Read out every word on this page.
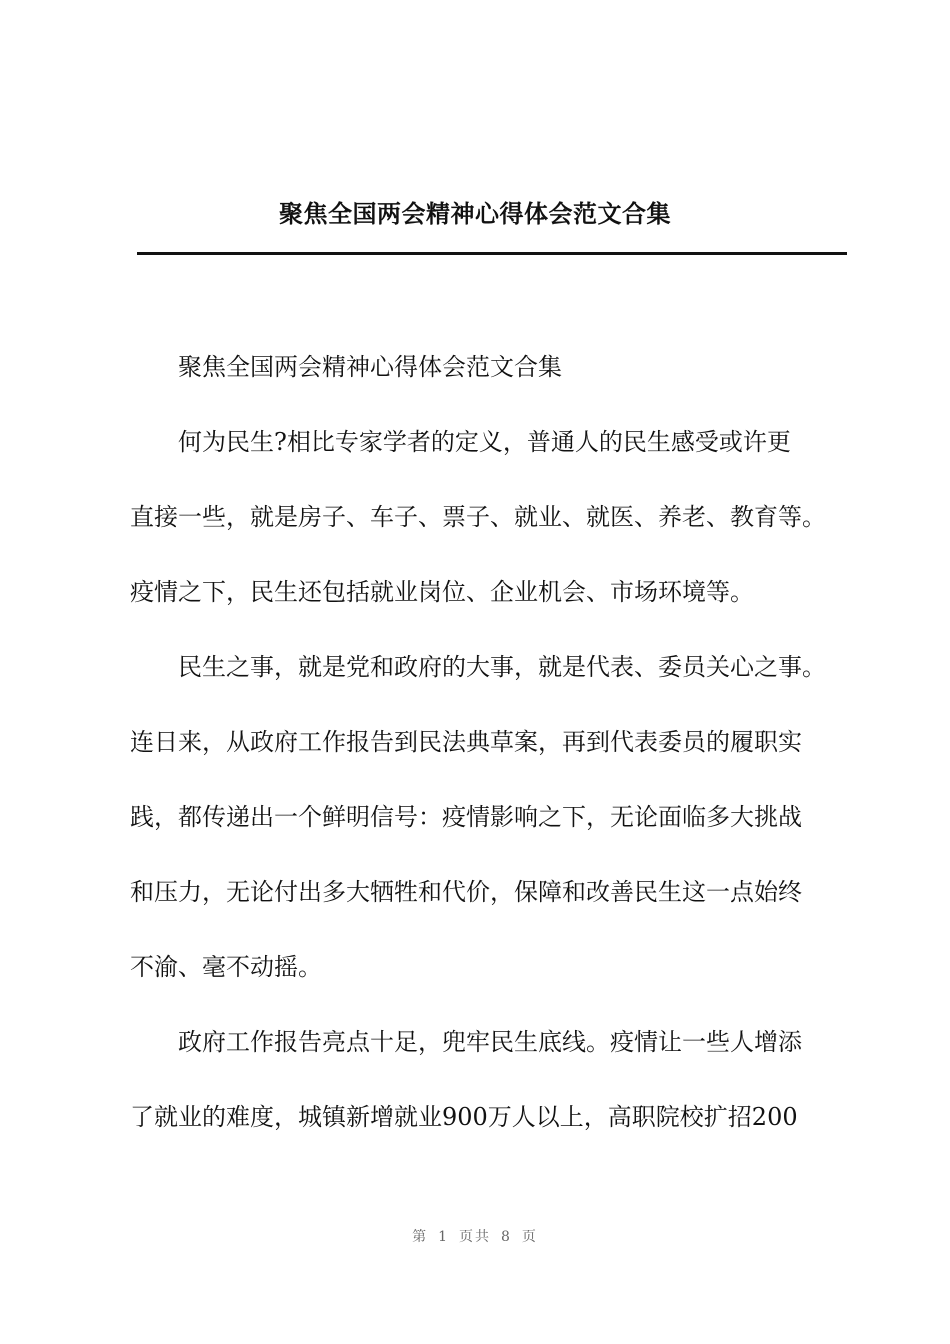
聚焦全国两会精神心得体会范文合集
聚焦全国两会精神心得体会范文合集
何为民生?相比专家学者的定义，普通人的民生感受或许更
直接一些，就是房子、车子、票子、就业、就医、养老、教育等。
疫情之下，民生还包括就业岗位、企业机会、市场环境等。
民生之事，就是党和政府的大事，就是代表、委员关心之事。
连日来，从政府工作报告到民法典草案，再到代表委员的履职实
践，都传递出一个鲜明信号：疫情影响之下，无论面临多大挑战
和压力，无论付出多大牺牲和代价，保障和改善民生这一点始终
不渝、毫不动摇。
政府工作报告亮点十足，兜牢民生底线。疫情让一些人增添
了就业的难度，城镇新增就业900万人以上，高职院校扩招200
第 1 页共 8 页
